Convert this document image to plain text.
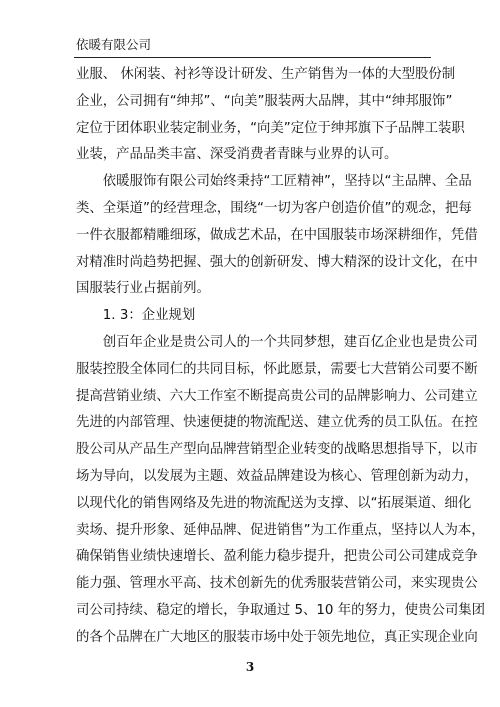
依暖有限公司
业服、 休闲装、衬衫等设计研发、生产销售为一体的大型股份制
企业，公司拥有“绅邦”、“向美”服装两大品牌，其中“绅邦服饰”
定位于团体职业装定制业务，“向美”定位于绅邦旗下子品牌工装职
业装，产品品类丰富、深受消费者青睐与业界的认可。
　　依暖服饰有限公司始终秉持“工匠精神”，坚持以“主品牌、全品
类、全渠道”的经营理念，围绕“一切为客户创造价值”的观念，把每
一件衣服都精雕细琢，做成艺术品，在中国服装市场深耕细作，凭借
对精准时尚趋势把握、强大的创新研发、博大精深的设计文化，在中
国服装行业占据前列。
　　1. 3：企业规划
　　创百年企业是贵公司人的一个共同梦想，建百亿企业也是贵公司
服装控股全体同仁的共同目标，怀此愿景，需要七大营销公司要不断
提高营销业绩、六大工作室不断提高贵公司的品牌影响力、公司建立
先进的内部管理、快速便捷的物流配送、建立优秀的员工队伍。在控
股公司从产品生产型向品牌营销型企业转变的战略思想指导下，以市
场为导向，以发展为主题、效益品牌建设为核心、管理创新为动力，
以现代化的销售网络及先进的物流配送为支撑、以“拓展渠道、细化
卖场、提升形象、延伸品牌、促进销售”为工作重点，坚持以人为本，
确保销售业绩快速增长、盈利能力稳步提升，把贵公司公司建成竞争
能力强、管理水平高、技术创新先的优秀服装营销公司，来实现贵公
司公司持续、稳定的增长，争取通过 5、10 年的努力，使贵公司集团
的各个品牌在广大地区的服装市场中处于领先地位，真正实现企业向
3
